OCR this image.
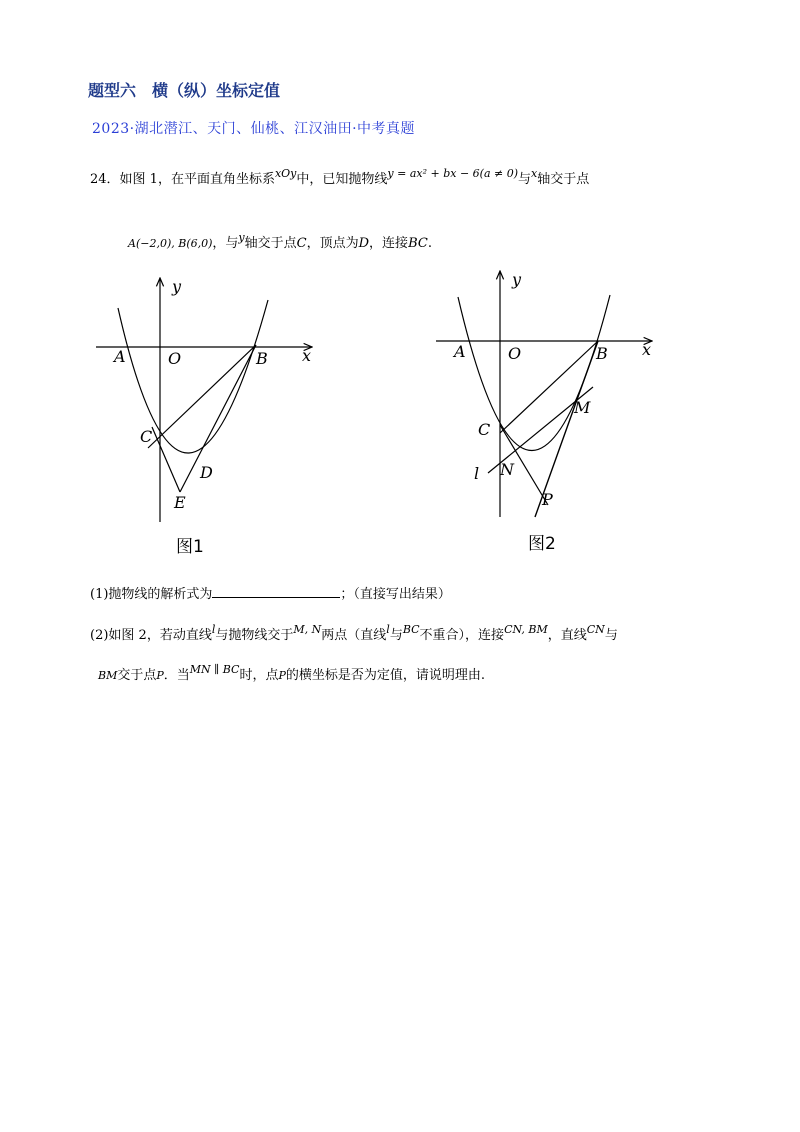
题型六　横（纵）坐标定值
2023·湖北潜江、天门、仙桃、江汉油田·中考真题
24．如图 1，在平面直角坐标系$^{xOy}$中，已知抛物线$^{y = ax^2 + bx - 6(a \ne 0)}$与$^x$轴交于点
A(−2,0), B(6,0)，与$^y$轴交于点C，顶点为D，连接BC.
y
x
A	O	B
C
D
E
图1
y
x
A	O	B
C
M
N
P
l
图2
(1)抛物线的解析式为	；（直接写出结果）
(2)如图 2，若动直线$^l$与抛物线交于$^{M, N}$两点（直线$^l$与$^{BC}$不重合），连接$^{CN, BM}$，直线$^{CN}$与
BM交于点P．当$^{MN \parallel BC}$时，点P的横坐标是否为定值，请说明理由.
